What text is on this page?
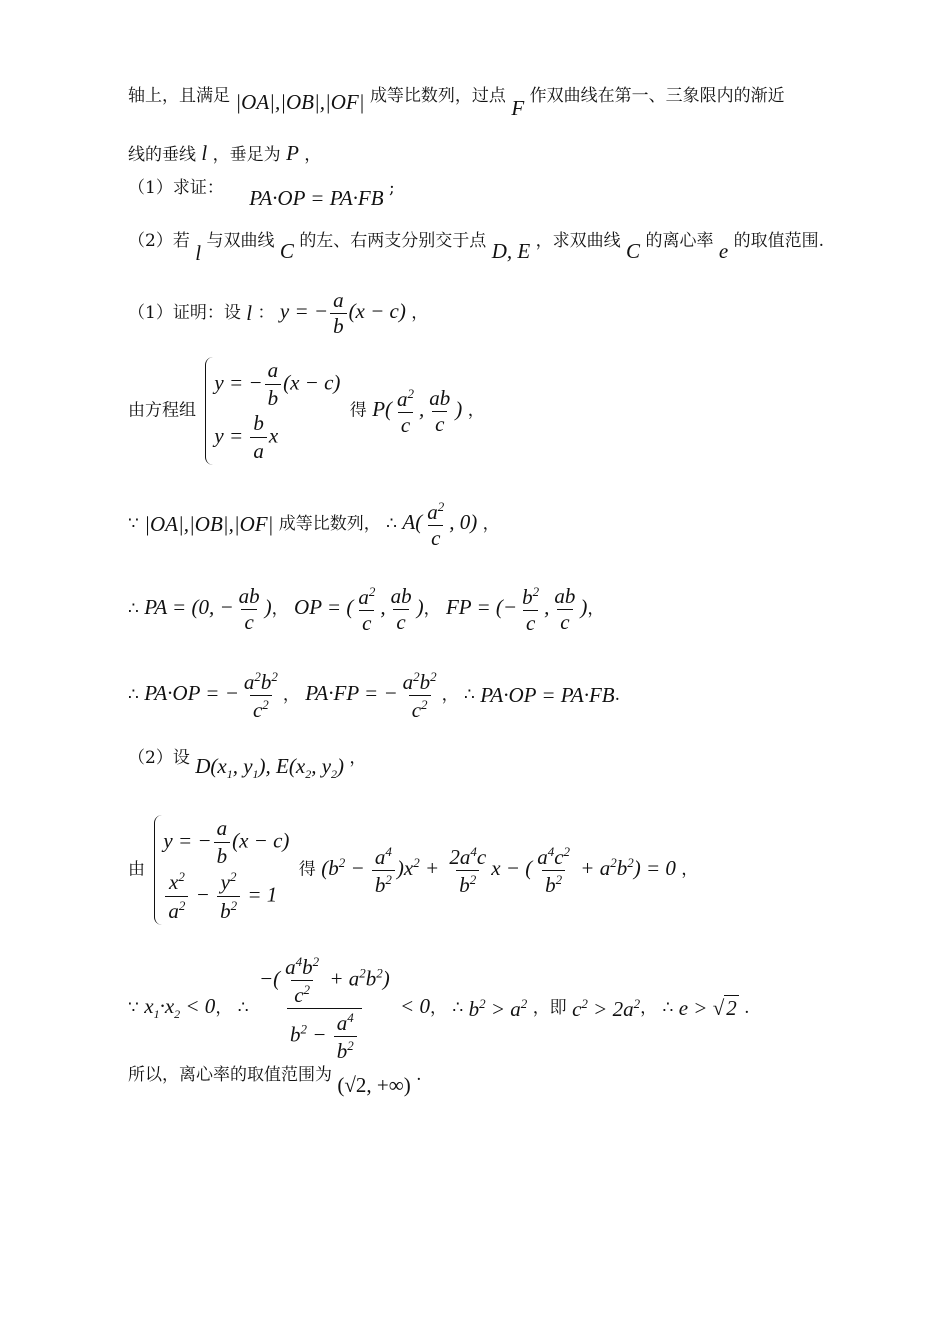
轴上，且满足 |OA|,|OB|,|OF| 成等比数列，过点 F 作双曲线在第一、三象限内的渐近
线的垂线 l ，垂足为 P ，
（1）求证： PA·OP = PA·FB ;
（2）若 l 与双曲线 C 的左、右两支分别交于点 D, E ，求双曲线 C 的离心率 e 的取值范围.
（1）证明：设 l ： y = − $\frac{a}{b} (x - c)$ ，
由方程组
y = − $\frac{a}{b} (x - c)$
$y = \frac{b}{a}$ x
得 $P( \frac{a^2}{c}$ , $\frac{ab}{c}$ ) ，
∵ |OA|,|OB|,|OF| 成等比数列， ∴ $A( \frac{a^2}{c}$ , 0) ，
∴ PA = (0, − $\frac{ab}{c}$ )， OP = ( $\frac{a^2}{c}$ , $\frac{ab}{c}$ )， FP = (− $\frac{b^2}{c}$ , $\frac{ab}{c}$ )，
∴ PA·OP = − $\frac{a^2b^2}{c^2}$ ， PA·FP = − $\frac{a^2b^2}{c^2}$ ， ∴ PA·OP = PA·FB.
（2）设 $D(x_1$, $y_1$), $E(x_2$, $y_2$) ，
由
y = − $\frac{a}{b} (x - c)$
$\frac{x^2}{a^2} - \frac{y^2}{b^2} = 1$
得 $(b^2 - \frac{a^4}{b^2} )x^2 + \frac{2a^4c}{b^2}$ x − ( $\frac{a^4c^2}{b^2} + a^2b^2) = 0$ ，
∵ $x_1\cdot x_2 < 0$， ∴ $\frac{-( \frac{a^4b^2}{c^2} + a^2b^2)}{b^2 - \frac{a^4}{b^2}} < 0$， ∴ $b^2 > a^2$ ，即 $c^2 > 2a^2$， ∴ e > √2 .
所以，离心率的取值范围为 (√2, +∞) .
